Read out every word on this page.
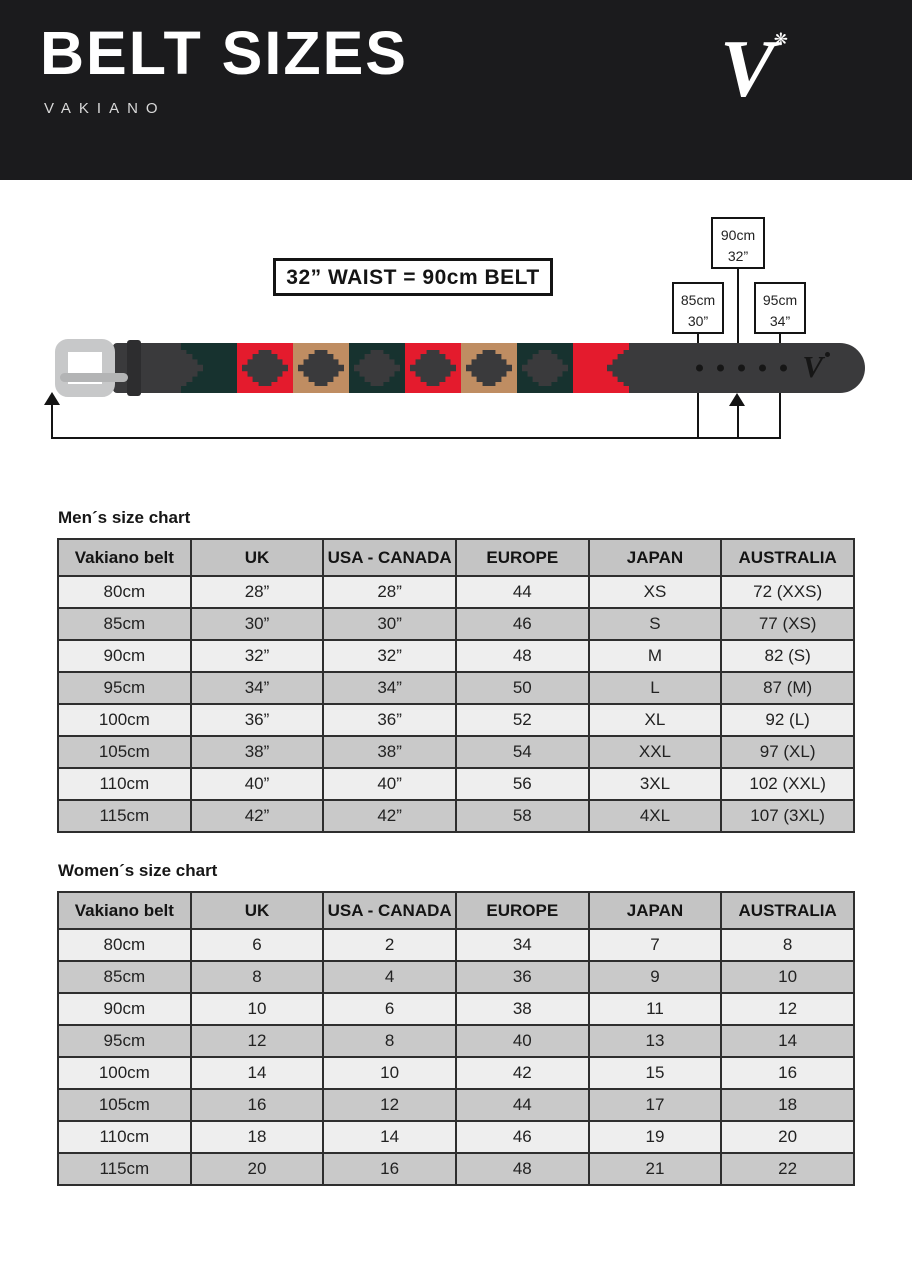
BELT SIZES
VAKIANO	V ❋
32” WAIST = 90cm BELT
90cm
32”
85cm
30”
95cm
34”
V
Men´s size chart
Vakiano belt	UK	USA - CANADA	EUROPE	JAPAN	AUSTRALIA
80cm	28”	28”	44	XS	72 (XXS)
85cm	30”	30”	46	S	77 (XS)
90cm	32”	32”	48	M	82 (S)
95cm	34”	34”	50	L	87 (M)
100cm	36”	36”	52	XL	92 (L)
105cm	38”	38”	54	XXL	97 (XL)
110cm	40”	40”	56	3XL	102 (XXL)
115cm	42”	42”	58	4XL	107 (3XL)
Women´s size chart
Vakiano belt	UK	USA - CANADA	EUROPE	JAPAN	AUSTRALIA
80cm	6	2	34	7	8
85cm	8	4	36	9	10
90cm	10	6	38	11	12
95cm	12	8	40	13	14
100cm	14	10	42	15	16
105cm	16	12	44	17	18
110cm	18	14	46	19	20
115cm	20	16	48	21	22
